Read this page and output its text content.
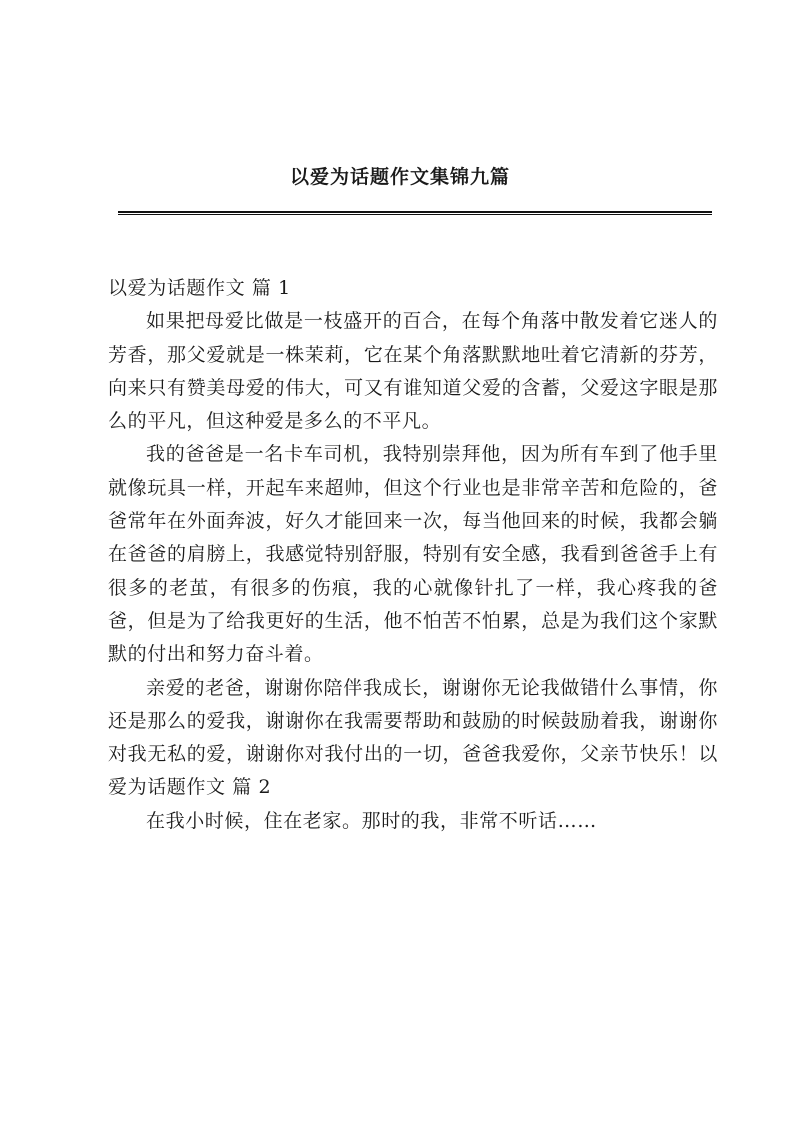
以爱为话题作文集锦九篇
以爱为话题作文 篇 1

如果把母爱比做是一枝盛开的百合，在每个角落中散发着它迷人的芳香，那父爱就是一株茉莉，它在某个角落默默地吐着它清新的芬芳，向来只有赞美母爱的伟大，可又有谁知道父爱的含蓄，父爱这字眼是那么的平凡，但这种爱是多么的不平凡。

我的爸爸是一名卡车司机，我特别崇拜他，因为所有车到了他手里就像玩具一样，开起车来超帅，但这个行业也是非常辛苦和危险的，爸爸常年在外面奔波，好久才能回来一次，每当他回来的时候，我都会躺在爸爸的肩膀上，我感觉特别舒服，特别有安全感，我看到爸爸手上有很多的老茧，有很多的伤痕，我的心就像针扎了一样，我心疼我的爸爸，但是为了给我更好的生活，他不怕苦不怕累，总是为我们这个家默默的付出和努力奋斗着。

亲爱的老爸，谢谢你陪伴我成长，谢谢你无论我做错什么事情，你还是那么的爱我，谢谢你在我需要帮助和鼓励的时候鼓励着我，谢谢你对我无私的爱，谢谢你对我付出的一切，爸爸我爱你，父亲节快乐！以爱为话题作文 篇 2

在我小时候，住在老家。那时的我，非常不听话……
